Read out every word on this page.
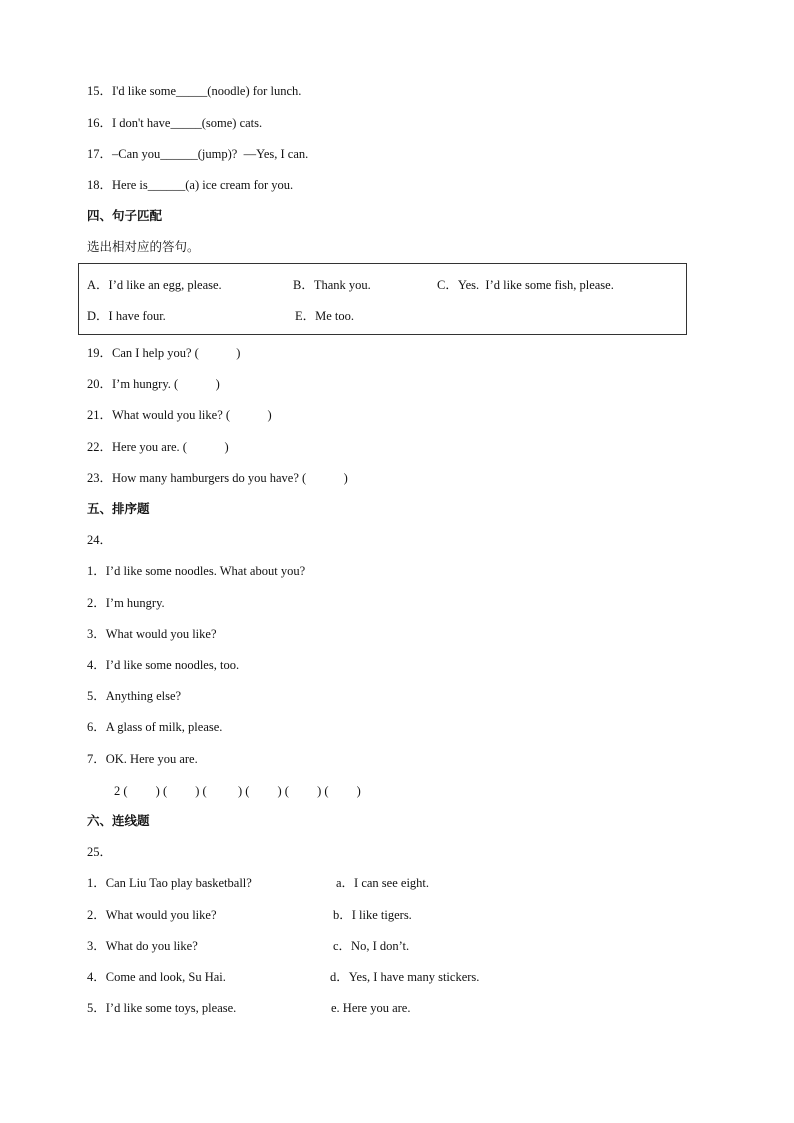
15．I'd like some_____(noodle) for lunch.
16．I don't have_____(some) cats.
17．–Can you______(jump)?  —Yes, I can.
18．Here is______(a) ice cream for you.
四、句子匹配
选出相对应的答句。
A．I’d like an egg, please.	B．Thank you.	C．Yes.  I’d like some fish, please.
D．I have four.	E．Me too.
19．Can I help you? (            )
20．I’m hungry. (            )
21．What would you like? (            )
22．Here you are. (            )
23．How many hamburgers do you have? (            )
五、排序题
24．
1．I’d like some noodles. What about you?
2．I’m hungry.
3．What would you like?
4．I’d like some noodles, too.
5．Anything else?
6．A glass of milk, please.
7．OK. Here you are.
2 (         ) (         ) (          ) (         ) (         ) (         )
六、连线题
25．
1．Can Liu Tao play basketball?
2．What would you like?
3．What do you like?
4．Come and look, Su Hai.
5．I’d like some toys, please.
a．I can see eight.
b．I like tigers.
c．No, I don’t.
d．Yes, I have many stickers.
e. Here you are.
